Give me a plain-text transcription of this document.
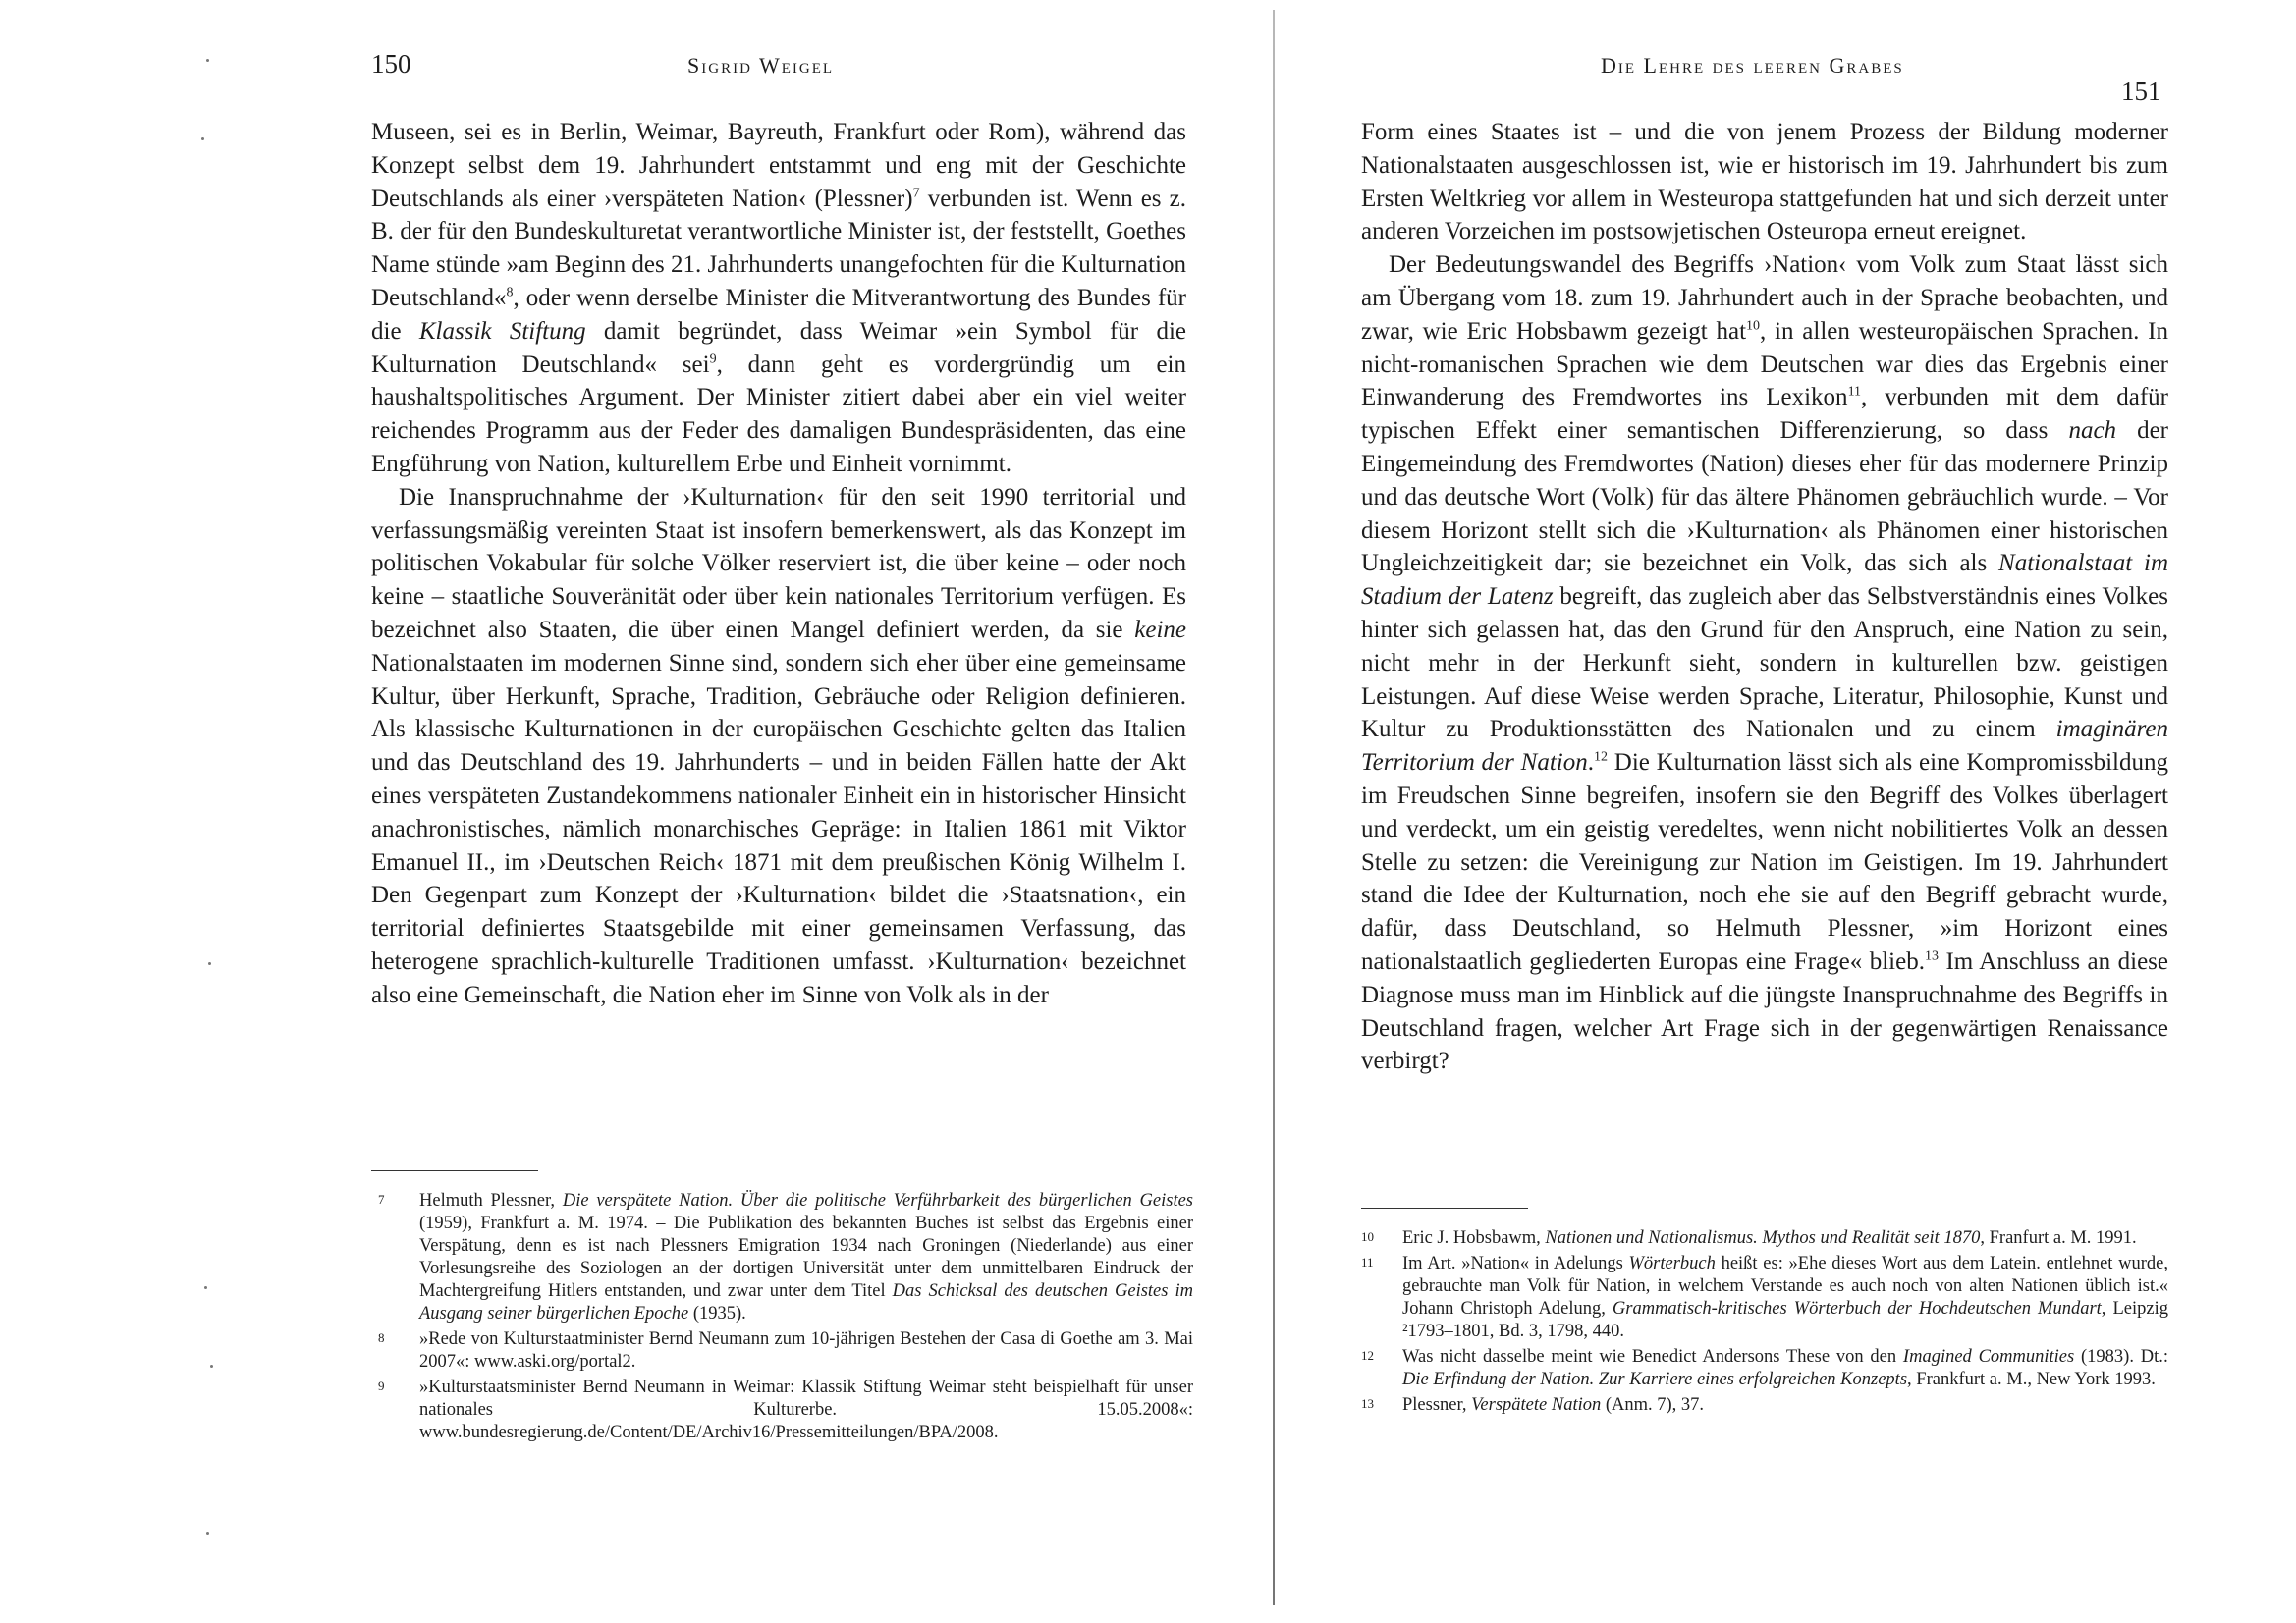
150	Sigrid Weigel

Museen, sei es in Berlin, Weimar, Bayreuth, Frankfurt oder Rom), während das Konzept selbst dem 19. Jahrhundert entstammt und eng mit der Geschichte Deutschlands als einer ›verspäteten Nation‹ (Plessner)$^7$ verbunden ist. Wenn es z. B. der für den Bundeskulturetat verantwortliche Minister ist, der feststellt, Goethes Name stünde »am Beginn des 21. Jahrhunderts unangefochten für die Kulturnation Deutschland«$^8$, oder wenn derselbe Minister die Mitverantwortung des Bundes für die Klassik Stiftung damit begründet, dass Weimar »ein Symbol für die Kulturnation Deutschland« sei$^9$, dann geht es vordergründig um ein haushaltspolitisches Argument. Der Minister zitiert dabei aber ein viel weiter reichendes Programm aus der Feder des damaligen Bundespräsidenten, das eine Engführung von Nation, kulturellem Erbe und Einheit vornimmt.

Die Inanspruchnahme der ›Kulturnation‹ für den seit 1990 territorial und verfassungsmäßig vereinten Staat ist insofern bemerkenswert, als das Konzept im politischen Vokabular für solche Völker reserviert ist, die über keine – oder noch keine – staatliche Souveränität oder über kein nationales Territorium verfügen. Es bezeichnet also Staaten, die über einen Mangel definiert werden, da sie keine Nationalstaaten im modernen Sinne sind, sondern sich eher über eine gemeinsame Kultur, über Herkunft, Sprache, Tradition, Gebräuche oder Religion definieren. Als klassische Kulturnationen in der europäischen Geschichte gelten das Italien und das Deutschland des 19. Jahrhunderts – und in beiden Fällen hatte der Akt eines verspäteten Zustandekommens nationaler Einheit ein in historischer Hinsicht anachronistisches, nämlich monarchisches Gepräge: in Italien 1861 mit Viktor Emanuel II., im ›Deutschen Reich‹ 1871 mit dem preußischen König Wilhelm I. Den Gegenpart zum Konzept der ›Kulturnation‹ bildet die ›Staatsnation‹, ein territorial definiertes Staatsgebilde mit einer gemeinsamen Verfassung, das heterogene sprachlich-kulturelle Traditionen umfasst. ›Kulturnation‹ bezeichnet also eine Gemeinschaft, die Nation eher im Sinne von Volk als in der

7 Helmuth Plessner, Die verspätete Nation. Über die politische Verführbarkeit des bürgerlichen Geistes (1959), Frankfurt a. M. 1974. – Die Publikation des bekannten Buches ist selbst das Ergebnis einer Verspätung, denn es ist nach Plessners Emigration 1934 nach Groningen (Niederlande) aus einer Vorlesungsreihe des Soziologen an der dortigen Universität unter dem unmittelbaren Eindruck der Machtergreifung Hitlers entstanden, und zwar unter dem Titel Das Schicksal des deutschen Geistes im Ausgang seiner bürgerlichen Epoche (1935).
8 »Rede von Kulturstaatminister Bernd Neumann zum 10-jährigen Bestehen der Casa di Goethe am 3. Mai 2007«: www.aski.org/portal2.
9 »Kulturstaatsminister Bernd Neumann in Weimar: Klassik Stiftung Weimar steht beispielhaft für unser nationales Kulturerbe. 15.05.2008«: www.bundesregierung.de/Content/DE/Archiv16/Pressemitteilungen/BPA/2008.
Die Lehre des leeren Grabes
151

Form eines Staates ist – und die von jenem Prozess der Bildung moderner Nationalstaaten ausgeschlossen ist, wie er historisch im 19. Jahrhundert bis zum Ersten Weltkrieg vor allem in Westeuropa stattgefunden hat und sich derzeit unter anderen Vorzeichen im postsowjetischen Osteuropa erneut ereignet.

Der Bedeutungswandel des Begriffs ›Nation‹ vom Volk zum Staat lässt sich am Übergang vom 18. zum 19. Jahrhundert auch in der Sprache beobachten, und zwar, wie Eric Hobsbawm gezeigt hat$^{10}$, in allen westeuropäischen Sprachen. In nicht-romanischen Sprachen wie dem Deutschen war dies das Ergebnis einer Einwanderung des Fremdwortes ins Lexikon$^{11}$, verbunden mit dem dafür typischen Effekt einer semantischen Differenzierung, so dass nach der Eingemeindung des Fremdwortes (Nation) dieses eher für das modernere Prinzip und das deutsche Wort (Volk) für das ältere Phänomen gebräuchlich wurde. – Vor diesem Horizont stellt sich die ›Kulturnation‹ als Phänomen einer historischen Ungleichzeitigkeit dar; sie bezeichnet ein Volk, das sich als Nationalstaat im Stadium der Latenz begreift, das zugleich aber das Selbstverständnis eines Volkes hinter sich gelassen hat, das den Grund für den Anspruch, eine Nation zu sein, nicht mehr in der Herkunft sieht, sondern in kulturellen bzw. geistigen Leistungen. Auf diese Weise werden Sprache, Literatur, Philosophie, Kunst und Kultur zu Produktionsstätten des Nationalen und zu einem imaginären Territorium der Nation.$^{12}$ Die Kulturnation lässt sich als eine Kompromissbildung im Freudschen Sinne begreifen, insofern sie den Begriff des Volkes überlagert und verdeckt, um ein geistig veredeltes, wenn nicht nobilitiertes Volk an dessen Stelle zu setzen: die Vereinigung zur Nation im Geistigen. Im 19. Jahrhundert stand die Idee der Kulturnation, noch ehe sie auf den Begriff gebracht wurde, dafür, dass Deutschland, so Helmuth Plessner, »im Horizont eines nationalstaatlich gegliederten Europas eine Frage« blieb.$^{13}$ Im Anschluss an diese Diagnose muss man im Hinblick auf die jüngste Inanspruchnahme des Begriffs in Deutschland fragen, welcher Art Frage sich in der gegenwärtigen Renaissance verbirgt?

10 Eric J. Hobsbawm, Nationen und Nationalismus. Mythos und Realität seit 1870, Franfurt a. M. 1991.
11 Im Art. »Nation« in Adelungs Wörterbuch heißt es: »Ehe dieses Wort aus dem Latein. entlehnet wurde, gebrauchte man Volk für Nation, in welchem Verstande es auch noch von alten Nationen üblich ist.« Johann Christoph Adelung, Grammatisch-kritisches Wörterbuch der Hochdeutschen Mundart, Leipzig ²1793–1801, Bd. 3, 1798, 440.
12 Was nicht dasselbe meint wie Benedict Andersons These von den Imagined Communities (1983). Dt.: Die Erfindung der Nation. Zur Karriere eines erfolgreichen Konzepts, Frankfurt a. M., New York 1993.
13 Plessner, Verspätete Nation (Anm. 7), 37.
